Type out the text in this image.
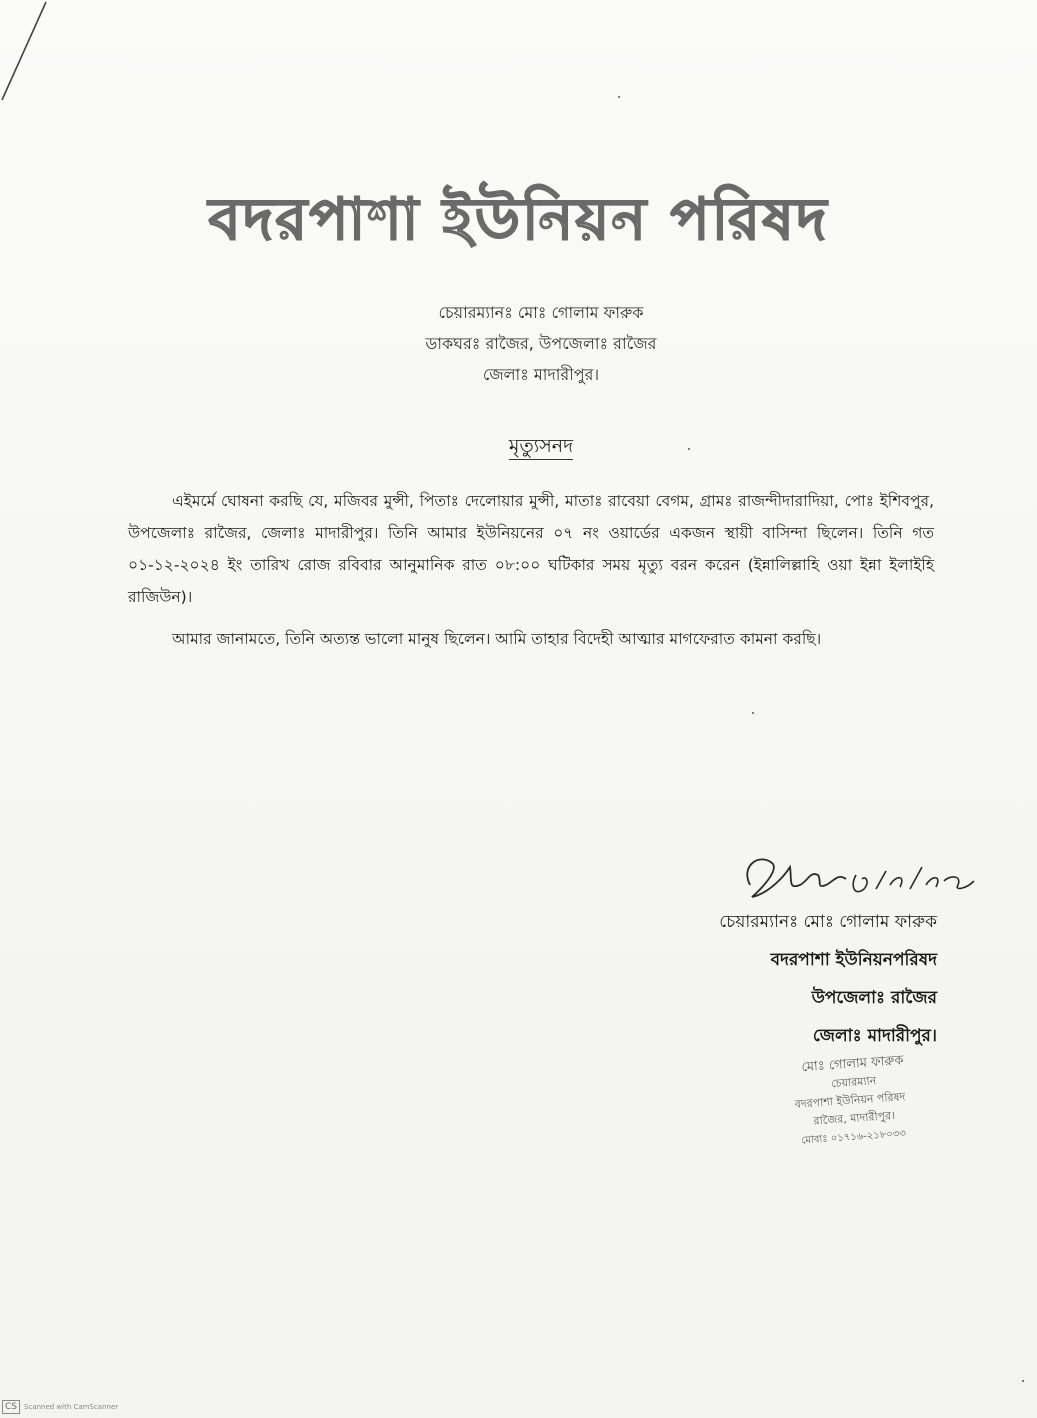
বদরপাশা ইউনিয়ন পরিষদ
চেয়ারম্যানঃ মোঃ গোলাম ফারুক
ডাকঘরঃ রাজৈর, উপজেলাঃ রাজৈর
জেলাঃ মাদারীপুর।
মৃত্যুসনদ

এইমর্মে ঘোষনা করছি যে, মজিবর মুন্সী, পিতাঃ দেলোয়ার মুন্সী, মাতাঃ রাবেয়া বেগম, গ্রামঃ রাজন্দীদারাদিয়া, পোঃ ইশিবপুর, উপজেলাঃ রাজৈর, জেলাঃ মাদারীপুর। তিনি আমার ইউনিয়নের ০৭ নং ওয়ার্ডের একজন স্থায়ী বাসিন্দা ছিলেন। তিনি গত ০১-১২-২০২৪ ইং তারিখ রোজ রবিবার আনুমানিক রাত ০৮:০০ ঘটিকার সময় মৃত্যু বরন করেন (ইন্নালিল্লাহি ওয়া ইন্না ইলাইহি রাজিউন)।

আমার জানামতে, তিনি অত্যন্ত ভালো মানুষ ছিলেন। আমি তাহার বিদেহী আত্মার মাগফেরাত কামনা করছি।

চেয়ারম্যানঃ মোঃ গোলাম ফারুক
বদরপাশা ইউনিয়নপরিষদ
উপজেলাঃ রাজৈর
জেলাঃ মাদারীপুর।
মোঃ গোলাম ফারুক
চেয়ারম্যান
বদরপাশা ইউনিয়ন পরিষদ
রাজৈর, মাদারীপুর।
মোবাঃ ০১৭১৬-২১৮০৩৩
CS	Scanned with CamScanner
